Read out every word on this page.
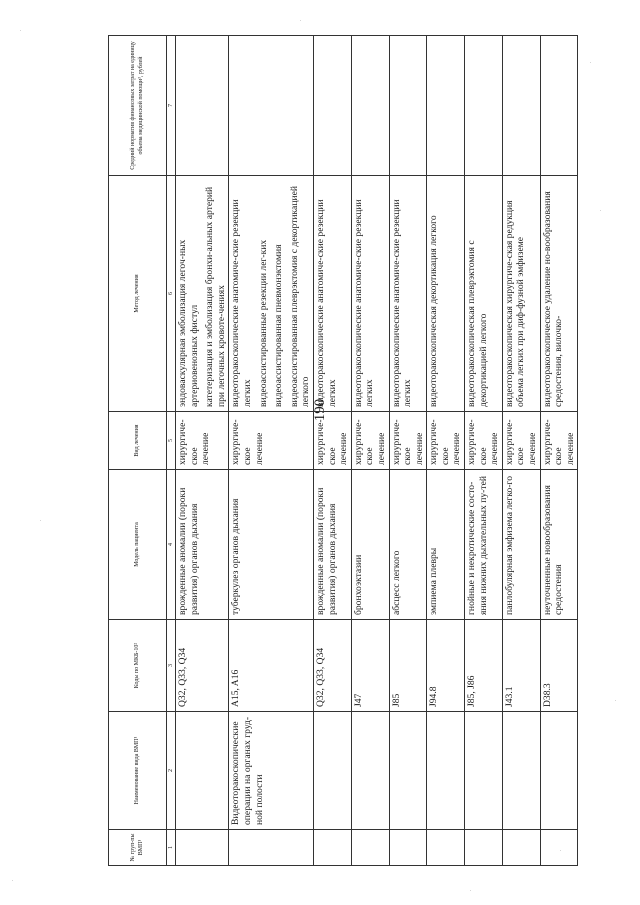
190
№ груп-пы ВМП¹	Наименование вида ВМП¹	Коды по МКБ-10²	Модель пациента	Вид лечения	Метод лечения	Средний норматив финансовых затрат на единицу объема медицинской помощи³, рублей
1	2	3	4	5	6	7
		Q32, Q33, Q34	врожденные аномалии (пороки развития) органов дыхания	хирургиче-ское лечение	эндоваскулярная эмболизация легоч-ных артериовенозных фистул катетеризация и эмболизация бронхи-альных артерий при легочных кровоте-чениях	

	Видеоторакоскопические операции на органах груд-ной полости	A15, A16	туберкулез органов дыхания	хирургиче-ское лечение	видеоторакоскопические анатомиче-ские резекции легких видеоассистированные резекции лег-ких видеоассистированная пневмонэктомия видеоассистированная плеврэктомия с декортикацией легкого	

		Q32, Q33, Q34	врожденные аномалии (пороки развития) органов дыхания	хирургиче-ское лечение	видеоторакоскопические анатомиче-ские резекции легких	

		J47	бронхоэктазии	хирургиче-ское лечение	видеоторакоскопические анатомиче-ские резекции легких	

		J85	абсцесс легкого	хирургиче-ское лечение	видеоторакоскопические анатомиче-ские резекции легких	

		J94.8	эмпиема плевры	хирургиче-ское лечение	видеоторакоскопическая декортикация легкого	

		J85, J86	гнойные и некротические состо-яния нижних дыхательных пу-тей	хирургиче-ское лечение	видеоторакоскопическая плеврэктомия с декортикацией легкого	

		J43.1	панлобулярная эмфизема легко-го	хирургиче-ское лечение	видеоторакоскопическая хирургиче-ская редукция объема легких при диф-фузной эмфиземе	

		D38.3	неуточненные новообразования средостения	хирургиче-ское лечение	видеоторакоскопическое удаление но-вообразования средостения, вилочко-	
